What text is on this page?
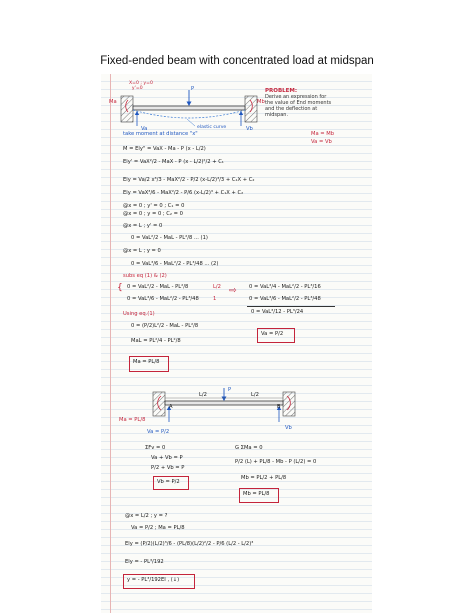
Fixed-ended beam with concentrated load at midspan
X=0 ; y=0
y'=0	P
Ma	Mb
Va	Vb
elastic curve
PROBLEM:
Derive an expression for
the value of End moments
and the deflection at
midspan.
Ma = Mb
Va = Vb
take moment at distance "x"
M = Ely" = VaX - Ma - P (x - L/2)
Ely' = VaX²/2 - MaX - P (x - L/2)²/2 + C₁
Ely = Va/2 x³/3 - MaX²/2 - P/2 (x-L/2)³/3 + C₁X + C₂
Ely = VaX³/6 - MaX²/2 - P/6 (x-L/2)³ + C₁X + C₂
@x = 0 ; y' = 0 ; C₁ = 0
@x = 0 ; y = 0 ; C₂ = 0
@x = L ; y' = 0
0 = VaL²/2 - MaL - PL²/8 ... (1)
@x = L ; y = 0
0 = VaL³/6 - MaL²/2 - PL³/48 ... (2)
subs eq (1) & (2)
{ 0 = VaL²/2 - MaL - PL²/8
0 = VaL³/6 - MaL²/2 - PL³/48
L/2
1
⇨ 0 = VaL³/4 - MaL²/2 - PL³/16
0 = VaL³/6 - MaL²/2 - PL³/48
0 = VaL³/12 - PL³/24
Using eq.(1)
0 = (P/2)L²/2 - MaL - PL²/8
MaL = PL²/4 - PL²/8
Va = P/2
Ma = PL/8
P
A	B
L/2	L/2
Ma = PL/8
Va = P/2
Vb
ΣFv = 0
Va + Vb = P
P/2 + Vb = P
Vb = P/2
G ΣMa = 0
P/2 (L) + PL/8 - Mb - P (L/2) = 0
Mb = PL/2 + PL/8
Mb = PL/8
@x = L/2 ; y = ?
Va = P/2 ; Ma = PL/8
Ely = (P/2)(L/2)³/6 - (PL/8)(L/2)²/2 - P/6 (L/2 - L/2)³
Ely = - PL³/192
y = - PL³/192EI , (↓)
